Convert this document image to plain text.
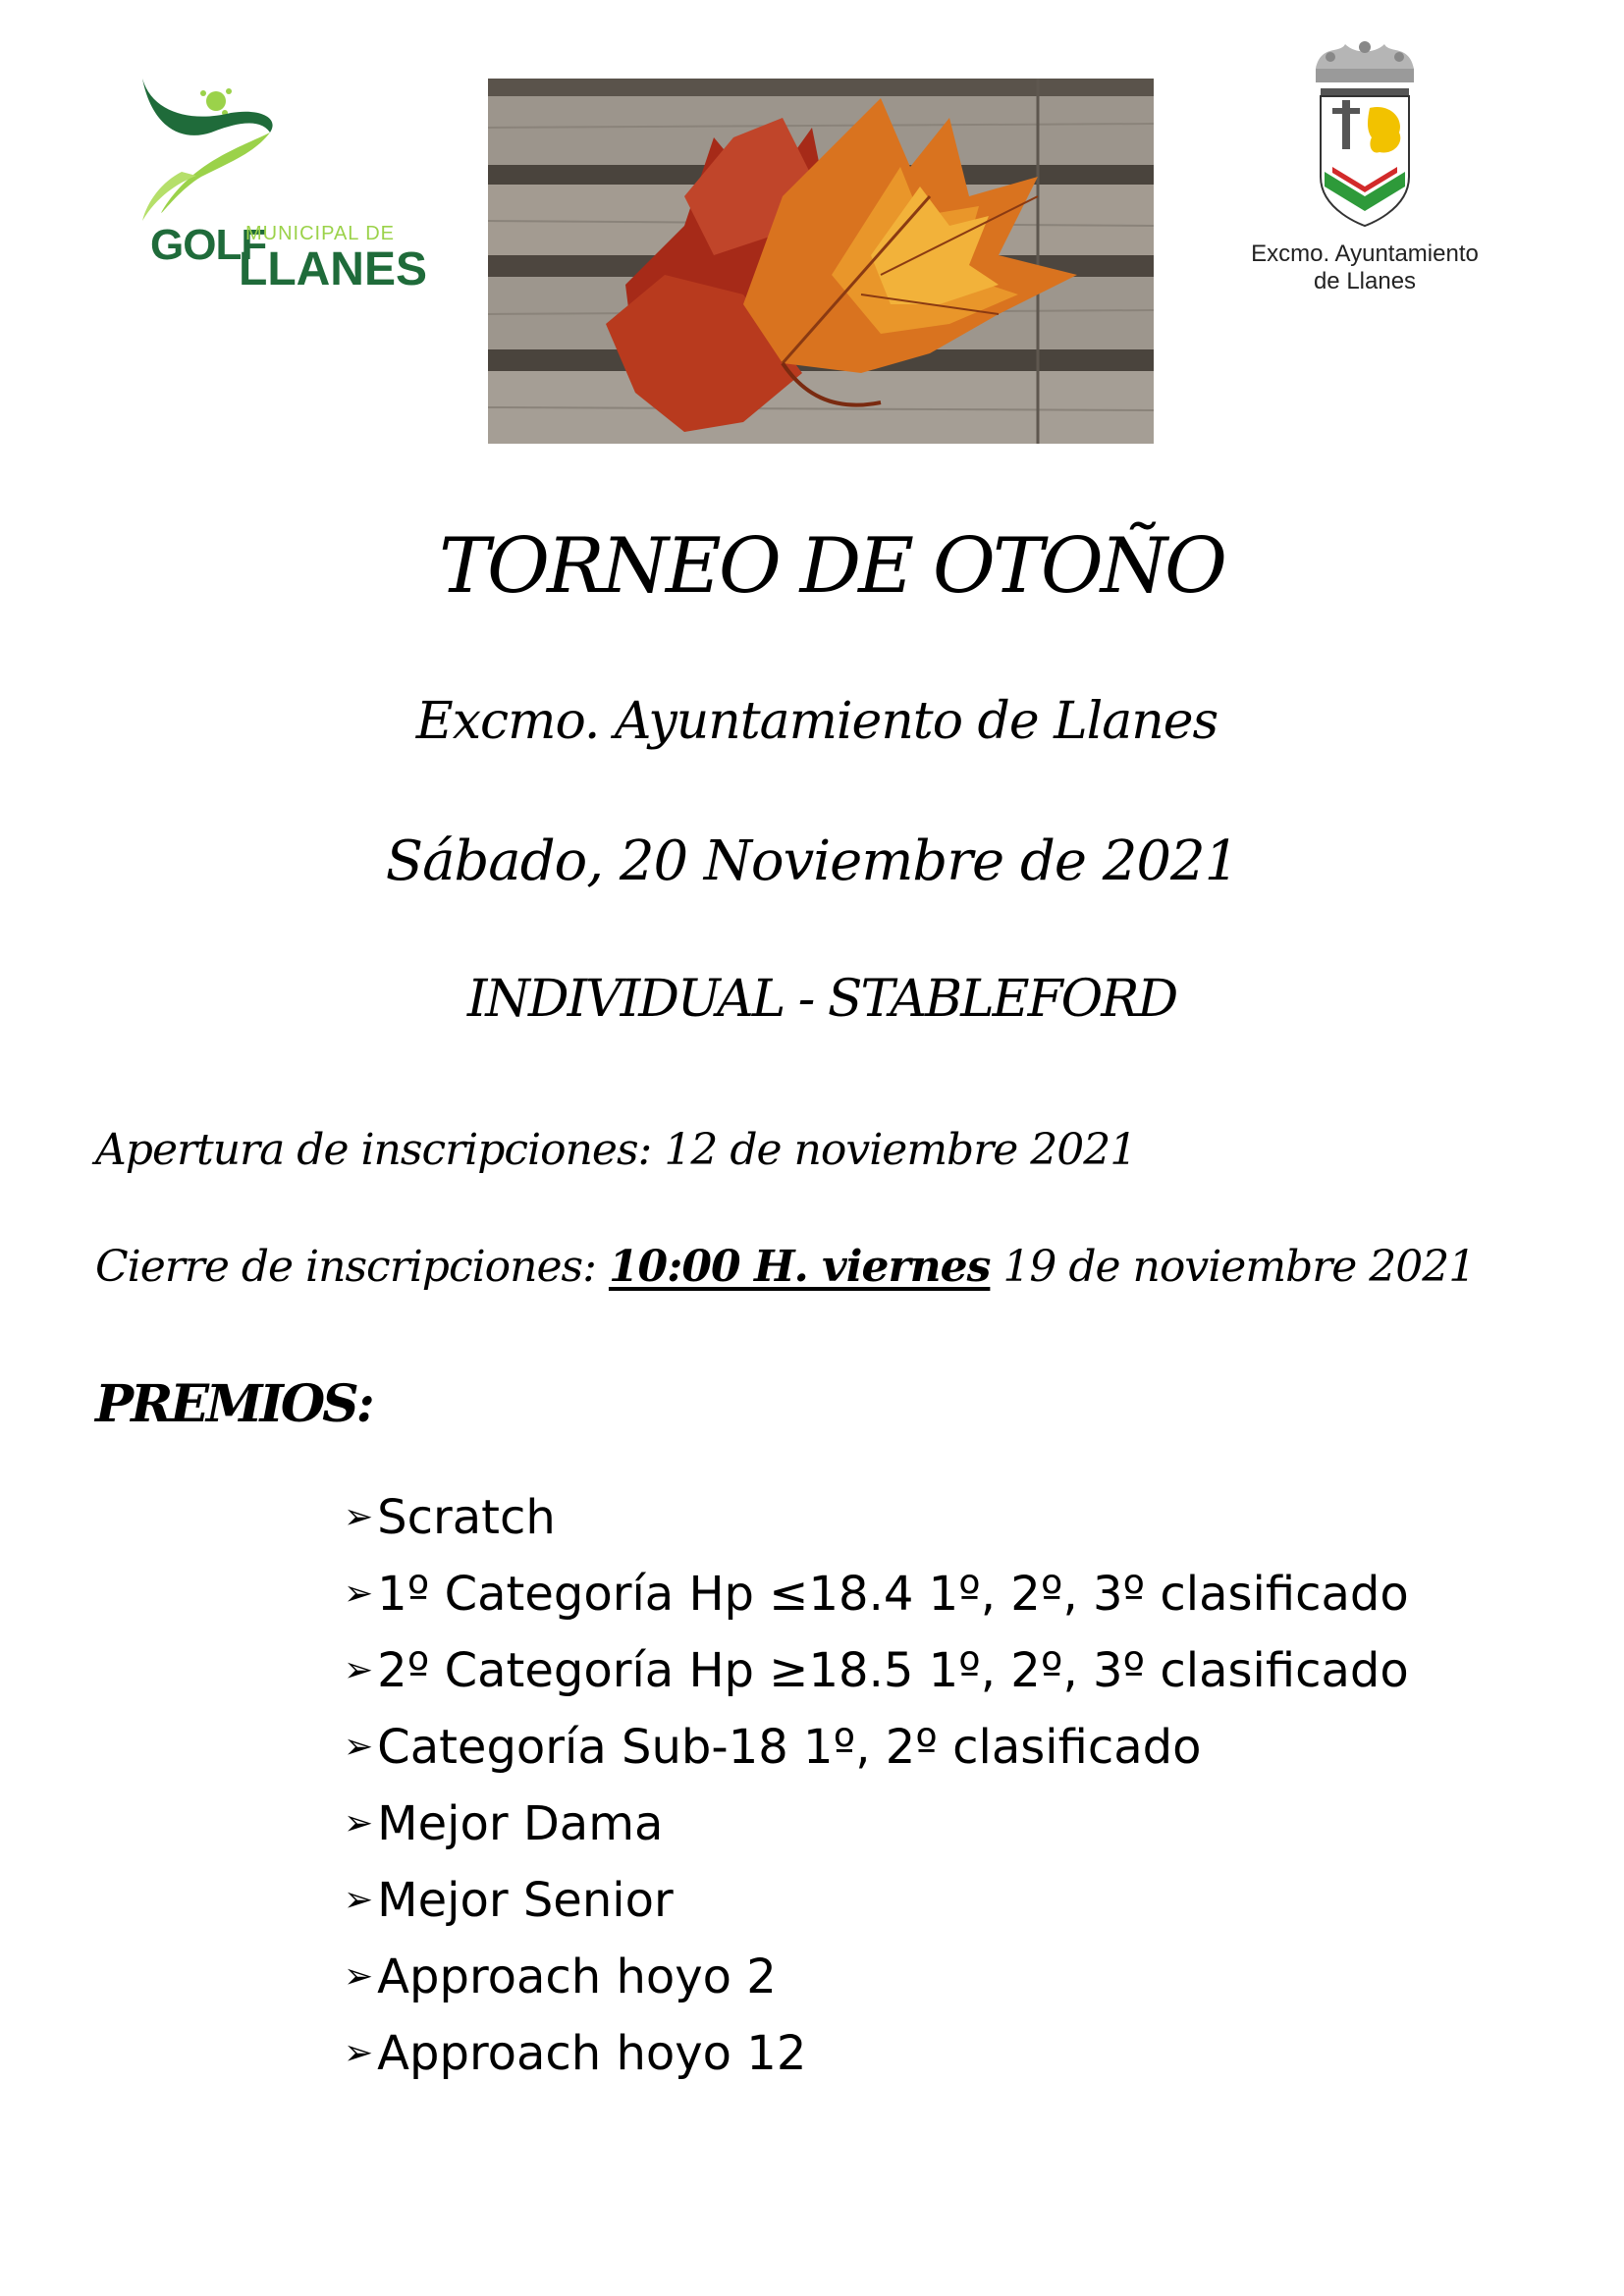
GOLF
MUNICIPAL DE
LLANES	Excmo. Ayuntamiento
de Llanes
TORNEO DE OTOÑO
Excmo. Ayuntamiento de Llanes
Sábado, 20 Noviembre de 2021
INDIVIDUAL - STABLEFORD
Apertura de inscripciones: 12 de noviembre 2021
Cierre de inscripciones: 10:00 H. viernes 19 de noviembre 2021
PREMIOS:
➢ Scratch
➢ 1º Categoría Hp ≤18.4 1º, 2º, 3º clasificado
➢ 2º Categoría Hp ≥18.5 1º, 2º, 3º clasificado
➢ Categoría Sub-18 1º, 2º clasificado
➢ Mejor Dama
➢ Mejor Senior
➢ Approach hoyo 2
➢ Approach hoyo 12
